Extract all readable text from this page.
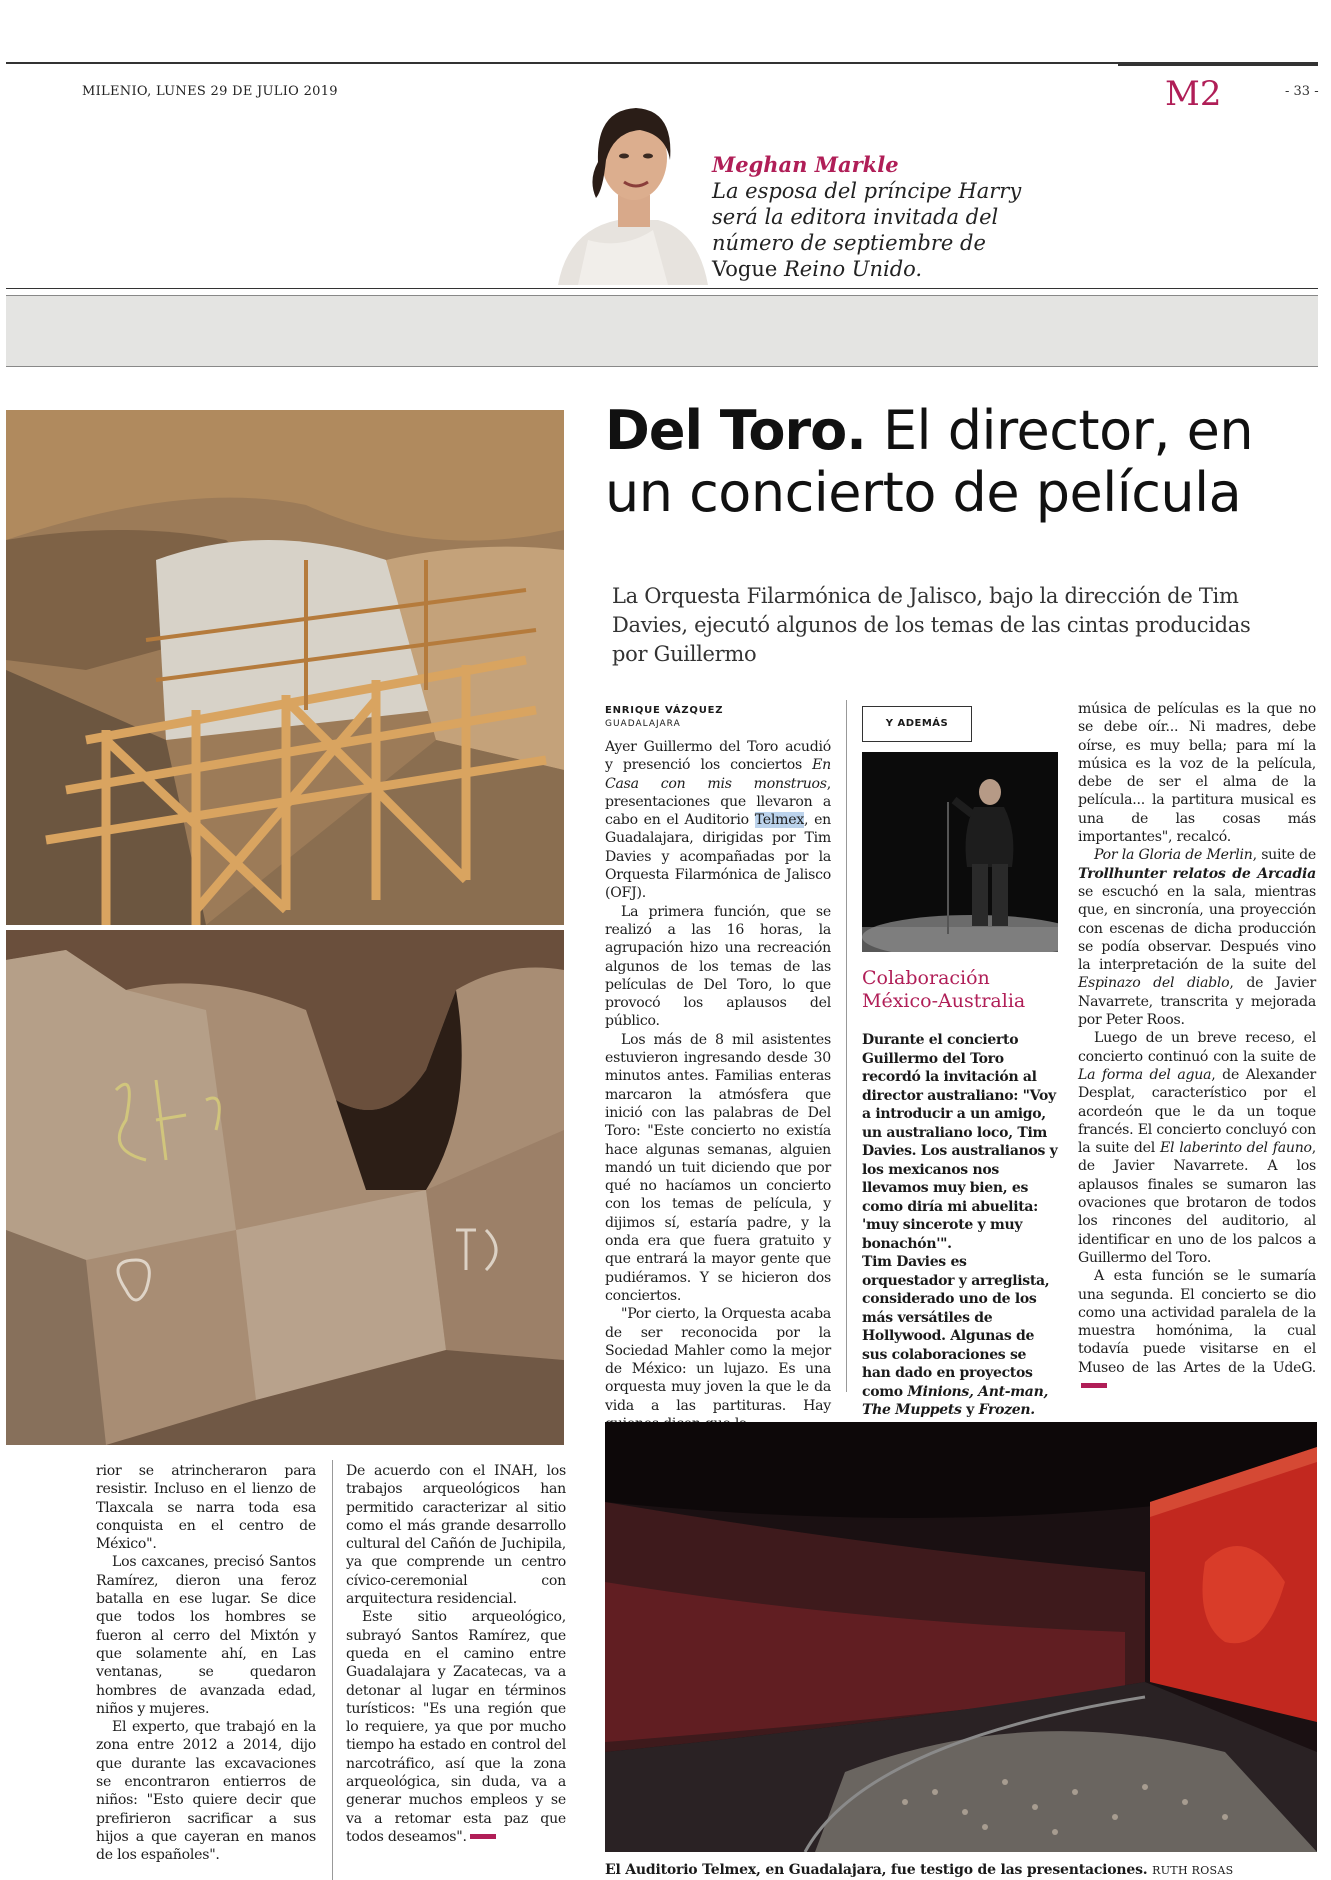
MILENIO, LUNES 29 DE JULIO 2019	M2	- 33 -
Meghan Markle
La esposa del príncipe Harry será la editora invitada del número de septiembre de Vogue Reino Unido.
Del Toro. El director, en un concierto de película
La Orquesta Filarmónica de Jalisco, bajo la dirección de Tim Davies, ejecutó algunos de los temas de las cintas producidas por Guillermo
ENRIQUE VÁZQUEZ
GUADALAJARA

Ayer Guillermo del Toro acudió y presenció los conciertos En Casa con mis monstruos, presentaciones que llevaron a cabo en el Auditorio Telmex, en Guadalajara, dirigidas por Tim Davies y acompañadas por la Orquesta Filarmónica de Jalisco (OFJ).

La primera función, que se realizó a las 16 horas, la agrupación hizo una recreación algunos de los temas de las películas de Del Toro, lo que provocó los aplausos del público.

Los más de 8 mil asistentes estuvieron ingresando desde 30 minutos antes. Familias enteras marcaron la atmósfera que inició con las palabras de Del Toro: "Este concierto no existía hace algunas semanas, alguien mandó un tuit diciendo que por qué no hacíamos un concierto con los temas de película, y dijimos sí, estaría padre, y la onda era que fuera gratuito y que entrará la mayor gente que pudiéramos. Y se hicieron dos conciertos.

"Por cierto, la Orquesta acaba de ser reconocida por la Sociedad Mahler como la mejor de México: un lujazo. Es una orquesta muy joven la que le da vida a las partituras. Hay

Y ADEMÁS
Colaboración México-Australia

Durante el concierto Guillermo del Toro recordó la invitación al director australiano: "Voy a introducir a un amigo, un australiano loco, Tim Davies. Los australianos y los mexicanos nos llevamos muy bien, es como diría mi abuelita: 'muy sincerote y muy bonachón'".

Tim Davies es orquestador y arreglista, considerado uno de los más versátiles de Hollywood. Algunas de sus colaboraciones se han dado en proyectos como Minions, Ant-man, The Muppets y Frozen.

música de películas es la que no se debe oír... Ni madres, debe oírse, es muy bella; para mí la música es la voz de la película, debe de ser el alma de la película... la partitura musical es una de las cosas más importantes", recalcó.

Por la Gloria de Merlin, suite de Trollhunter relatos de Arcadia se escuchó en la sala, mientras que, en sincronía, una proyección con escenas de dicha producción se podía observar. Después vino la interpretación de la suite del Espinazo del diablo, de Javier Navarrete, transcrita y mejorada por Peter Roos.

Luego de un breve receso, el concierto continuó con la suite de La forma del agua, de Alexander Desplat, característico por el acordeón que le da un toque francés. El concierto concluyó con la suite del El laberinto del fauno, de Javier Navarrete. A los aplausos finales se sumaron las ovaciones que brotaron de todos los rincones del auditorio, al identificar en uno de los palcos a Guillermo del Toro.

A esta función se le sumaría una segunda. El concierto se dio como una actividad paralela de la muestra homónima, la cual todavía puede visitarse en el Museo de las Artes de la UdeG.

El Auditorio Telmex, en Guadalajara, fue testigo de las presentaciones. RUTH ROSAS

rior se atrincheraron para resistir. Incluso en el lienzo de Tlaxcala se narra toda esa conquista en el centro de México".

Los caxcanes, precisó Santos Ramírez, dieron una feroz batalla en ese lugar. Se dice que todos los hombres se fueron al cerro del Mixtón y que solamente ahí, en Las ventanas, se quedaron hombres de avanzada edad, niños y mujeres.

El experto, que trabajó en la zona entre 2012 a 2014, dijo que durante las excavaciones se encontraron entierros de niños: "Esto quiere decir que prefirieron sacrificar a sus hijos a que cayeran en manos de los españoles".

De acuerdo con el INAH, los trabajos arqueológicos han permitido caracterizar al sitio como el más grande desarrollo cultural del Cañón de Juchipila, ya que comprende un centro cívico-ceremonial con arquitectura residencial.

Este sitio arqueológico, subrayó Santos Ramírez, que queda en el camino entre Guadalajara y Zacatecas, va a detonar al lugar en términos turísticos: "Es una región que lo requiere, ya que por mucho tiempo ha estado en control del narcotráfico, así que la zona arqueológica, sin duda, va a generar muchos empleos y se va a retomar esta paz que todos deseamos".
